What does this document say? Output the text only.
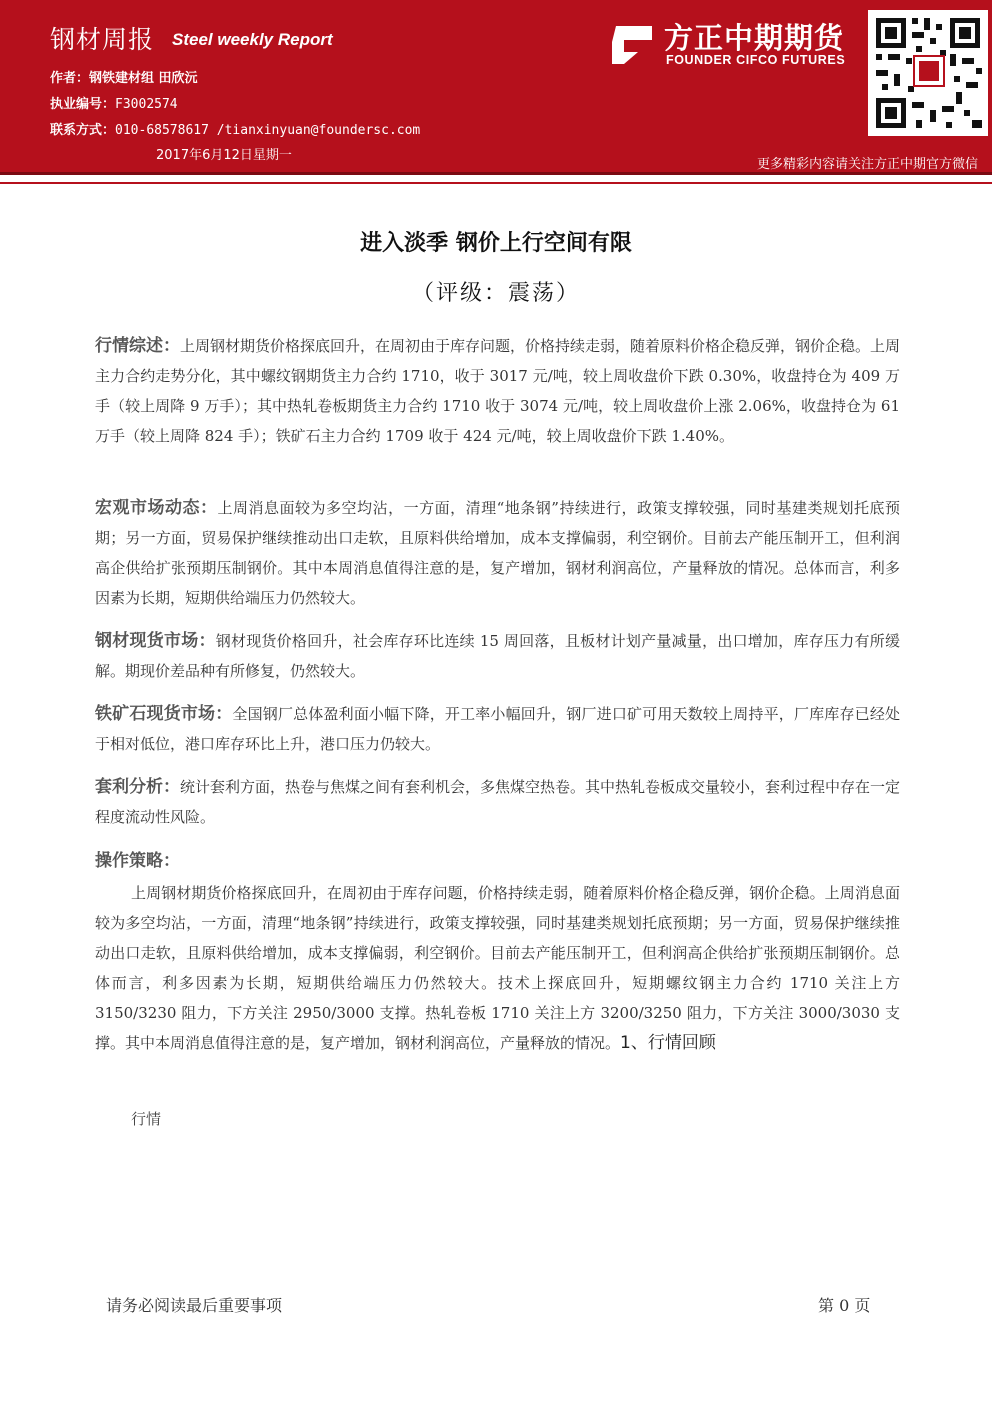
钢材周报 Steel weekly Report
作者：钢铁建材组 田欣沅
执业编号：F3002574
联系方式：010-68578617 /tianxinyuan@foundersc.com
2017年6月12日星期一
方正中期期货
FOUNDER CIFCO FUTURES
更多精彩内容请关注方正中期官方微信
进入淡季 钢价上行空间有限
（评级：震荡）
行情综述：上周钢材期货价格探底回升，在周初由于库存问题，价格持续走弱，随着原料价格企稳反弹，钢价企稳。上周主力合约走势分化，其中螺纹钢期货主力合约 1710，收于 3017 元/吨，较上周收盘价下跌 0.30%，收盘持仓为 409 万手（较上周降 9 万手）；其中热轧卷板期货主力合约 1710 收于 3074 元/吨，较上周收盘价上涨 2.06%，收盘持仓为 61 万手（较上周降 824 手）；铁矿石主力合约 1709 收于 424 元/吨，较上周收盘价下跌 1.40%。
宏观市场动态：上周消息面较为多空均沾，一方面，清理“地条钢”持续进行，政策支撑较强，同时基建类规划托底预期；另一方面，贸易保护继续推动出口走软，且原料供给增加，成本支撑偏弱，利空钢价。目前去产能压制开工，但利润高企供给扩张预期压制钢价。其中本周消息值得注意的是，复产增加，钢材利润高位，产量释放的情况。总体而言，利多因素为长期，短期供给端压力仍然较大。
钢材现货市场：钢材现货价格回升，社会库存环比连续 15 周回落，且板材计划产量减量，出口增加，库存压力有所缓解。期现价差品种有所修复，仍然较大。
铁矿石现货市场：全国钢厂总体盈利面小幅下降，开工率小幅回升，钢厂进口矿可用天数较上周持平，厂库库存已经处于相对低位，港口库存环比上升，港口压力仍较大。
套利分析：统计套利方面，热卷与焦煤之间有套利机会，多焦煤空热卷。其中热轧卷板成交量较小，套利过程中存在一定程度流动性风险。
操作策略：
上周钢材期货价格探底回升，在周初由于库存问题，价格持续走弱，随着原料价格企稳反弹，钢价企稳。上周消息面较为多空均沾，一方面，清理“地条钢”持续进行，政策支撑较强，同时基建类规划托底预期；另一方面，贸易保护继续推动出口走软，且原料供给增加，成本支撑偏弱，利空钢价。目前去产能压制开工，但利润高企供给扩张预期压制钢价。总体而言，利多因素为长期，短期供给端压力仍然较大。技术上探底回升，短期螺纹钢主力合约 1710 关注上方 3150/3230 阻力，下方关注 2950/3000 支撑。热轧卷板 1710 关注上方 3200/3250 阻力，下方关注 3000/3030 支撑。其中本周消息值得注意的是，复产增加，钢材利润高位，产量释放的情况。1、行情回顾
行情
请务必阅读最后重要事项	第 0 页
